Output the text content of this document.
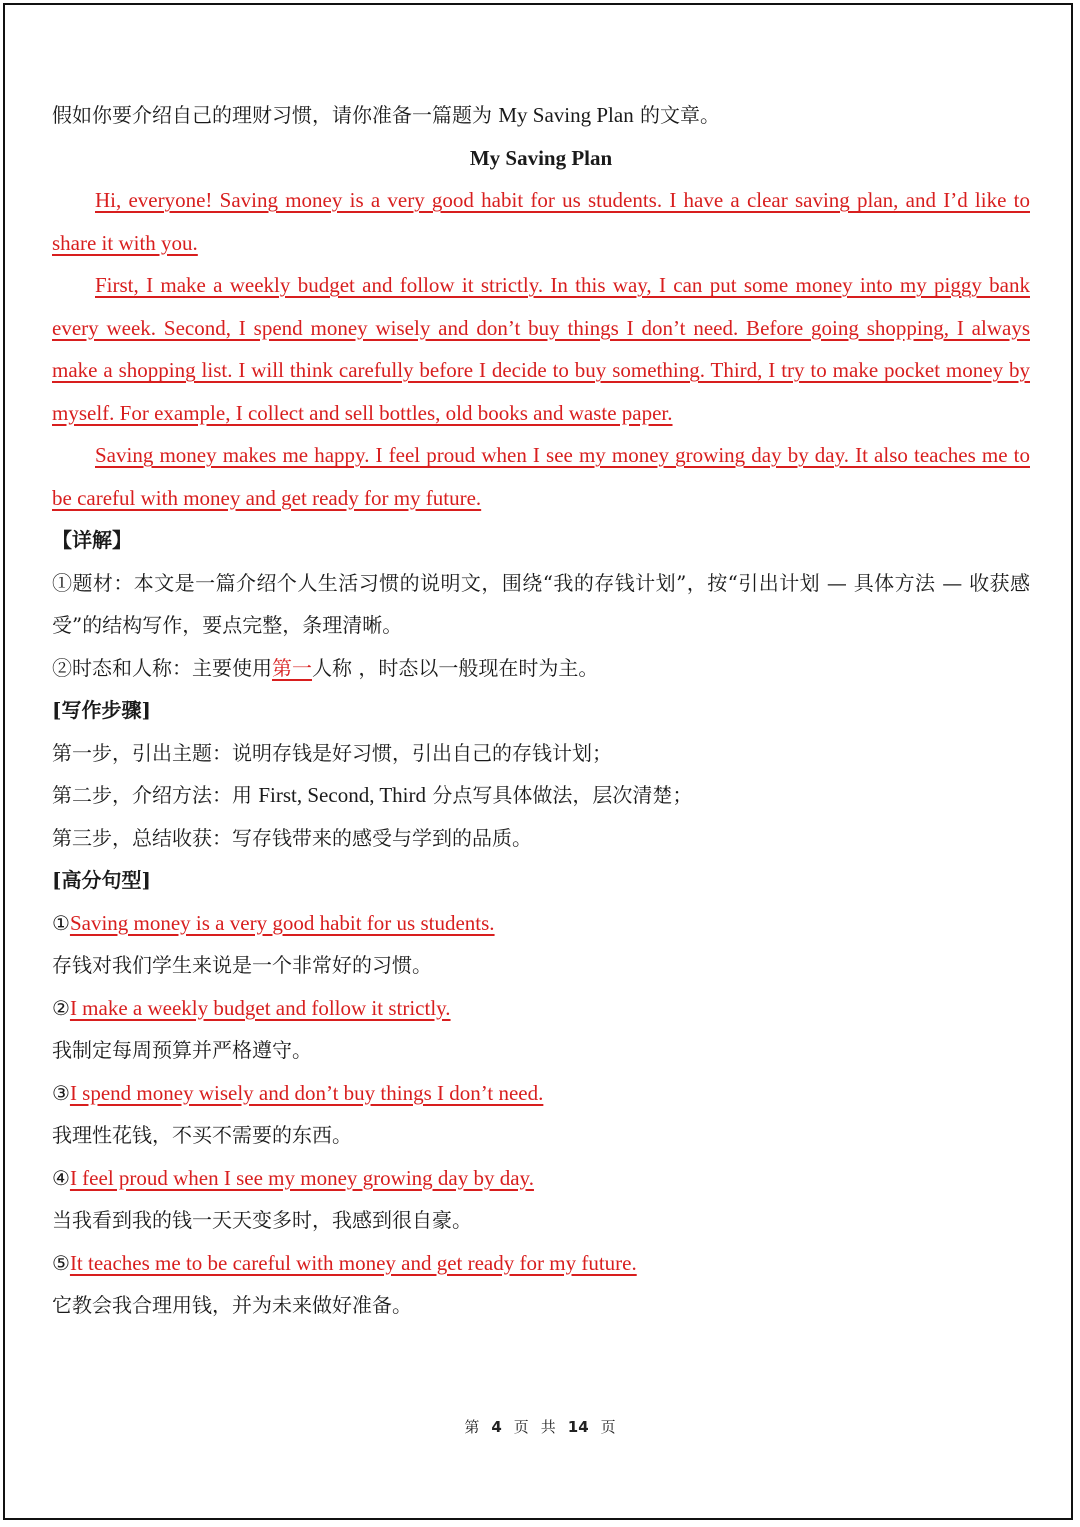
假如你要介绍自己的理财习惯，请你准备一篇题为 My Saving Plan 的文章。
My Saving Plan
Hi, everyone! Saving money is a very good habit for us students. I have a clear saving plan, and I’d like to share it with you.
First, I make a weekly budget and follow it strictly. In this way, I can put some money into my piggy bank every week. Second, I spend money wisely and don’t buy things I don’t need. Before going shopping, I always make a shopping list. I will think carefully before I decide to buy something. Third, I try to make pocket money by myself. For example, I collect and sell bottles, old books and waste paper.
Saving money makes me happy. I feel proud when I see my money growing day by day. It also teaches me to be careful with money and get ready for my future.
【详解】
①题材：本文是一篇介绍个人生活习惯的说明文，围绕“我的存钱计划”，按“引出计划 — 具体方法 — 收获感受”的结构写作，要点完整，条理清晰。
②时态和人称：主要使用第一人称 ，时态以一般现在时为主。
[写作步骤]
第一步，引出主题：说明存钱是好习惯，引出自己的存钱计划；
第二步，介绍方法：用 First, Second, Third 分点写具体做法，层次清楚；
第三步，总结收获：写存钱带来的感受与学到的品质。
[高分句型]
①Saving money is a very good habit for us students.
存钱对我们学生来说是一个非常好的习惯。
②I make a weekly budget and follow it strictly.
我制定每周预算并严格遵守。
③I spend money wisely and don’t buy things I don’t need.
我理性花钱，不买不需要的东西。
④I feel proud when I see my money growing day by day.
当我看到我的钱一天天变多时，我感到很自豪。
⑤It teaches me to be careful with money and get ready for my future.
它教会我合理用钱，并为未来做好准备。
第 4 页 共 14 页
